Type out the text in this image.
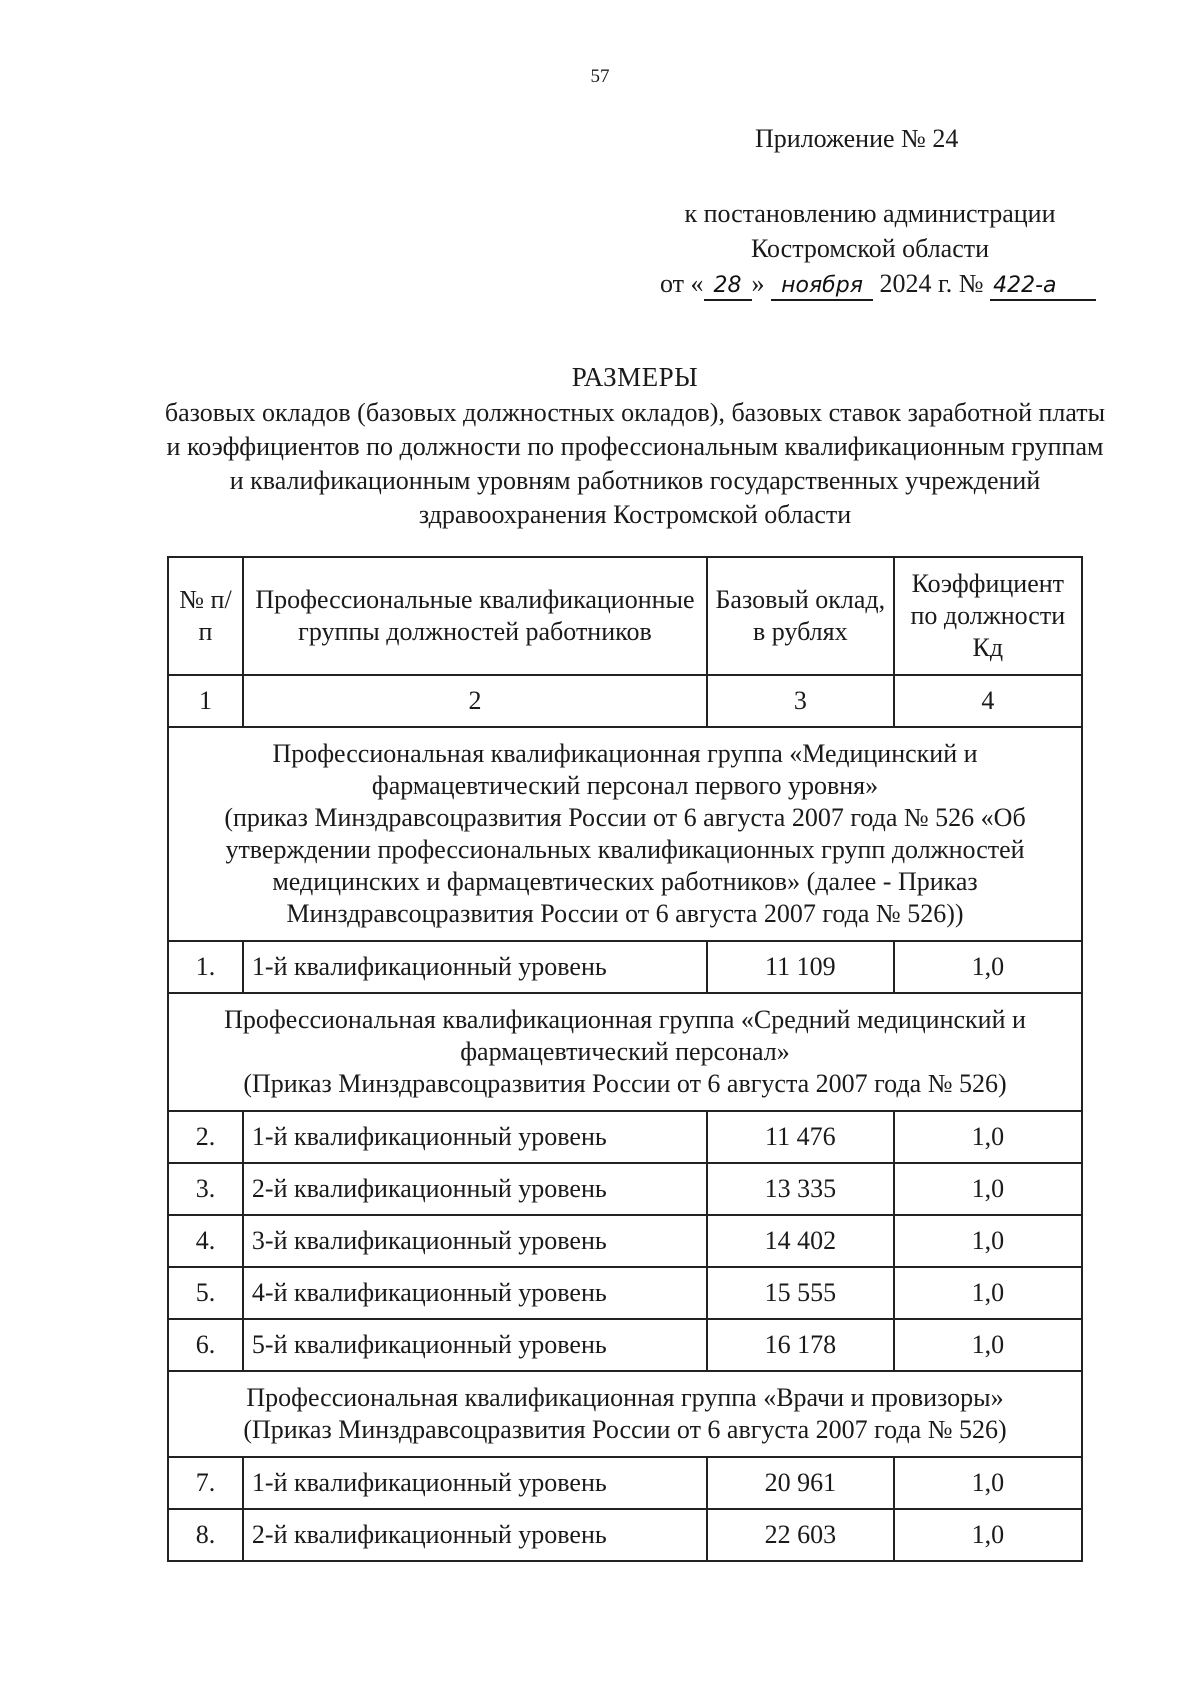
57
Приложение № 24
к постановлению администрации
Костромской области
от « 28 » ноября 2024 г. № 422-а
РАЗМЕРЫ
базовых окладов (базовых должностных окладов), базовых ставок заработной платы и коэффициентов по должности по профессиональным квалификационным группам и квалификационным уровням работников государственных учреждений здравоохранения Костромской области
№ п/п	Профессиональные квалификационные группы должностей работников	Базовый оклад, в рублях	Коэффициент по должности Кд
1	2	3	4

Профессиональная квалификационная группа «Медицинский и фармацевтический персонал первого уровня»
(приказ Минздравсоцразвития России от 6 августа 2007 года № 526 «Об утверждении профессиональных квалификационных групп должностей медицинских и фармацевтических работников» (далее - Приказ Минздравсоцразвития России от 6 августа 2007 года № 526))			

1.	1-й квалификационный уровень	11 109	1,0

Профессиональная квалификационная группа «Средний медицинский и фармацевтический персонал»
(Приказ Минздравсоцразвития России от 6 августа 2007 года № 526)			

2.	1-й квалификационный уровень	11 476	1,0
3.	2-й квалификационный уровень	13 335	1,0
4.	3-й квалификационный уровень	14 402	1,0
5.	4-й квалификационный уровень	15 555	1,0
6.	5-й квалификационный уровень	16 178	1,0

Профессиональная квалификационная группа «Врачи и провизоры»
(Приказ Минздравсоцразвития России от 6 августа 2007 года № 526)			

7.	1-й квалификационный уровень	20 961	1,0
8.	2-й квалификационный уровень	22 603	1,0
